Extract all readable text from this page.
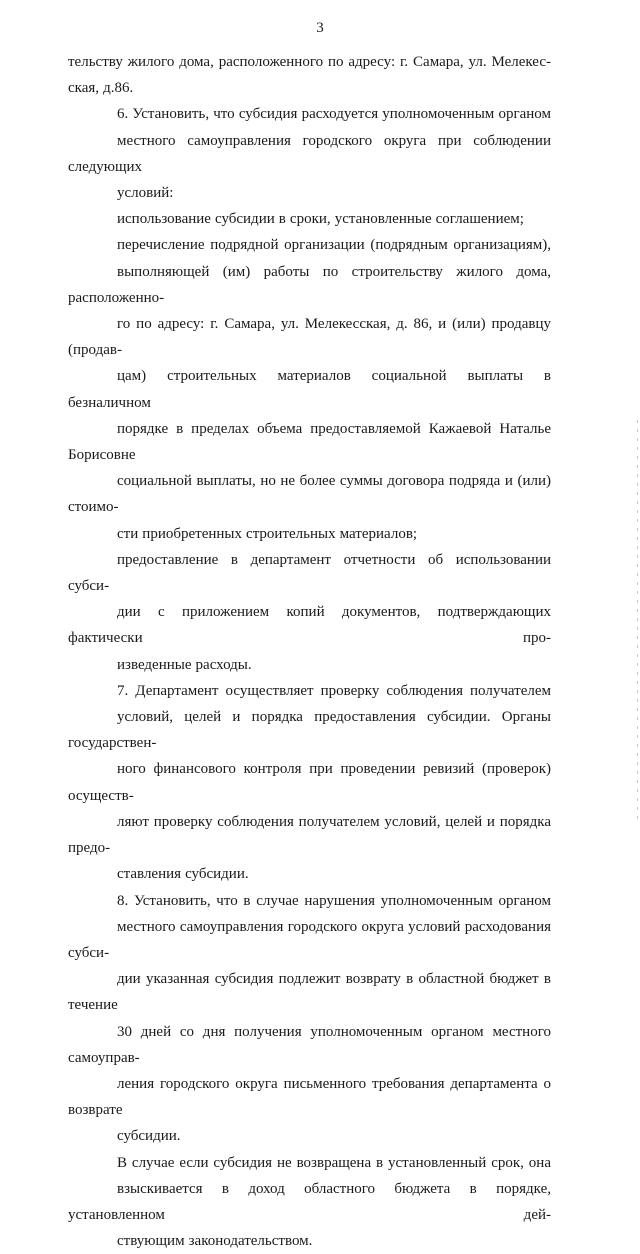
3

тельству жилого дома, расположенного по адресу: г. Самара, ул. Мелекес-
ская, д.86.

6. Установить, что субсидия расходуется уполномоченным органом
местного самоуправления городского округа при соблюдении следующих
условий:

использование субсидии в сроки, установленные соглашением;

перечисление подрядной организации (подрядным организациям),
выполняющей (им) работы по строительству жилого дома, расположенно-
го по адресу: г. Самара, ул. Мелекесская, д. 86, и (или) продавцу (продав-
цам) строительных материалов социальной выплаты в безналичном
порядке в пределах объема предоставляемой Кажаевой Наталье Борисовне
социальной выплаты, но не более суммы договора подряда и (или) стоимо-
сти приобретенных строительных материалов;

предоставление в департамент отчетности об использовании субси-
дии с приложением копий документов, подтверждающих фактически про-
изведенные расходы.

7. Департамент осуществляет проверку соблюдения получателем
условий, целей и порядка предоставления субсидии. Органы государствен-
ного финансового контроля при проведении ревизий (проверок) осуществ-
ляют проверку соблюдения получателем условий, целей и порядка предо-
ставления субсидии.

8. Установить, что в случае нарушения уполномоченным органом
местного самоуправления городского округа условий расходования субси-
дии указанная субсидия подлежит возврату в областной бюджет в течение
30 дней со дня получения уполномоченным органом местного самоуправ-
ления городского округа письменного требования департамента о возврате
субсидии.

В случае если субсидия не возвращена в установленный срок, она
взыскивается в доход областного бюджета в порядке, установленном дей-
ствующим законодательством.
